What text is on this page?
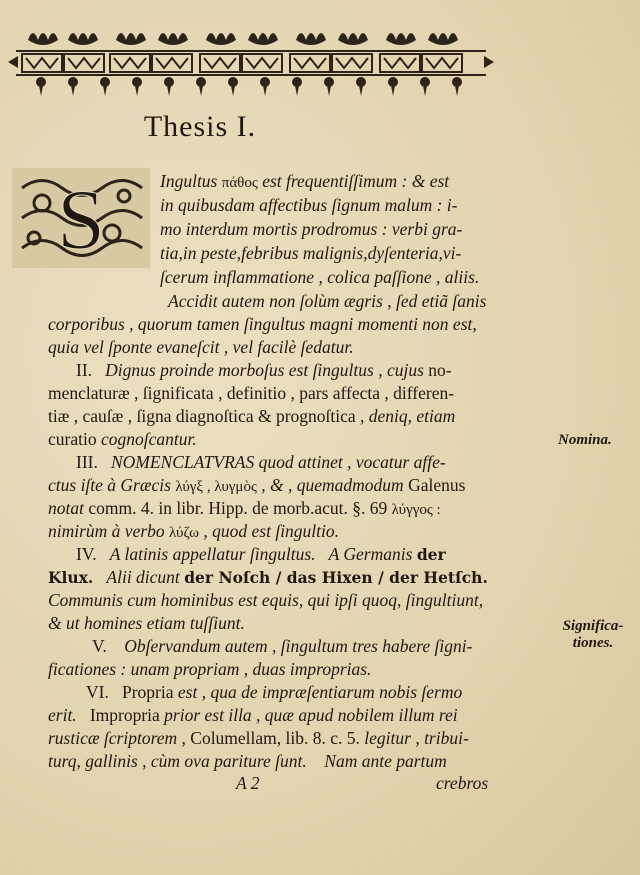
Thesis I.
S	Ingultus πάθος est frequentiſſimum : & est
in quibusdam affectibus ſignum malum : i-
mo interdum mortis prodromus : verbi gra-
tia,in peste,febribus malignis,dyſenteria,vi-
ſcerum inflammatione , colica paſſione , aliis.
Accidit autem non ſolùm ægris , ſed etiã ſanis
corporibus , quorum tamen ſingultus magni momenti non est,
quia vel ſponte evaneſcit , vel facilè ſedatur.
II. Dignus proinde morboſus est ſingultus , cujus no-
menclaturæ , ſignificata , definitio , pars affecta , differen-
tiæ , cauſæ , ſigna diagnoſtica & prognoſtica , deniq, etiam
curatio cognoſcantur.	Nomina.
III. NOMENCLATVRAS quod attinet , vocatur affe-
ctus iſte à Græcis λύγξ , λυγμὸς , & , quemadmodum Galenus
notat comm. 4. in libr. Hipp. de morb.acut. §. 69 λύγγος :
nimirùm à verbo λύζω , quod est ſingultio.
IV. A latinis appellatur ſingultus. A Germanis der
Klux. Alii dicunt der Noſch / das Hixen / der Hetſch.
Communis cum hominibus est equis, qui ipſi quoq, ſingultiunt,
& ut homines etiam tuſſiunt.	Significa-
tiones.
V. Obſervandum autem , ſingultum tres habere ſigni-
ficationes : unam propriam , duas improprias.
VI. Propria est , qua de impræſentiarum nobis ſermo
erit. Impropria prior est illa , quæ apud nobilem illum rei
rusticæ ſcriptorem , Columellam, lib. 8. c. 5. legitur , tribui-
turq, gallinis , cùm ova pariture ſunt. Nam ante partum
A 2	crebros
